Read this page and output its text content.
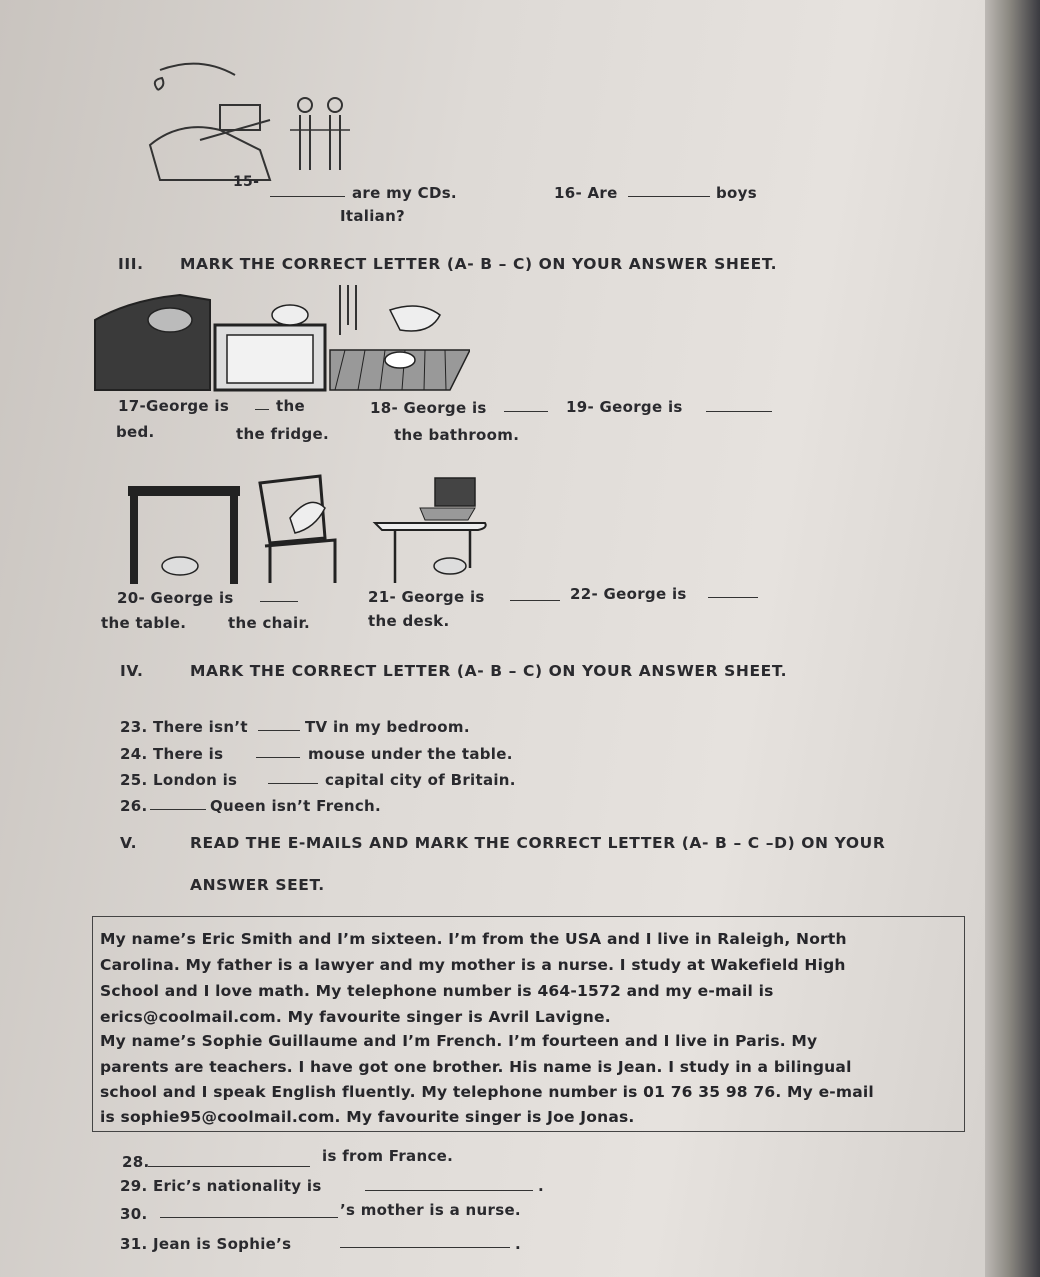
15-
are my CDs.
Italian?
16- Are	boys
III. MARK THE CORRECT LETTER (A- B – C) ON YOUR ANSWER SHEET.
17-George is	the
bed.
18- George is
the fridge.
19- George is
the bathroom.
20- George is
the table.
21- George is
the chair.
22- George is
the desk.
IV.	MARK THE CORRECT LETTER (A- B – C) ON YOUR ANSWER SHEET.
23. There isn’t	TV in my bedroom.
24. There is	mouse under the table.
25. London is	capital city of Britain.
26.	Queen isn’t French.
V.	READ THE E-MAILS AND MARK THE CORRECT LETTER (A- B – C –D) ON YOUR
ANSWER SEET.
My name’s Eric Smith and I’m sixteen. I’m from the USA and I live in Raleigh, North
Carolina. My father is a lawyer and my mother is a nurse. I study at Wakefield High
School and I love math. My telephone number is 464-1572 and my e-mail is
erics@coolmail.com. My favourite singer is Avril Lavigne.
My name’s Sophie Guillaume and I’m French. I’m fourteen and I live in Paris. My
parents are teachers. I have got one brother. His name is Jean. I study in a bilingual
school and I speak English fluently. My telephone number is 01 76 35 98 76. My e-mail
is sophie95@coolmail.com. My favourite singer is Joe Jonas.
28.	is from France.
29. Eric’s nationality is	.
30.	’s mother is a nurse.
31. Jean is Sophie’s	.
